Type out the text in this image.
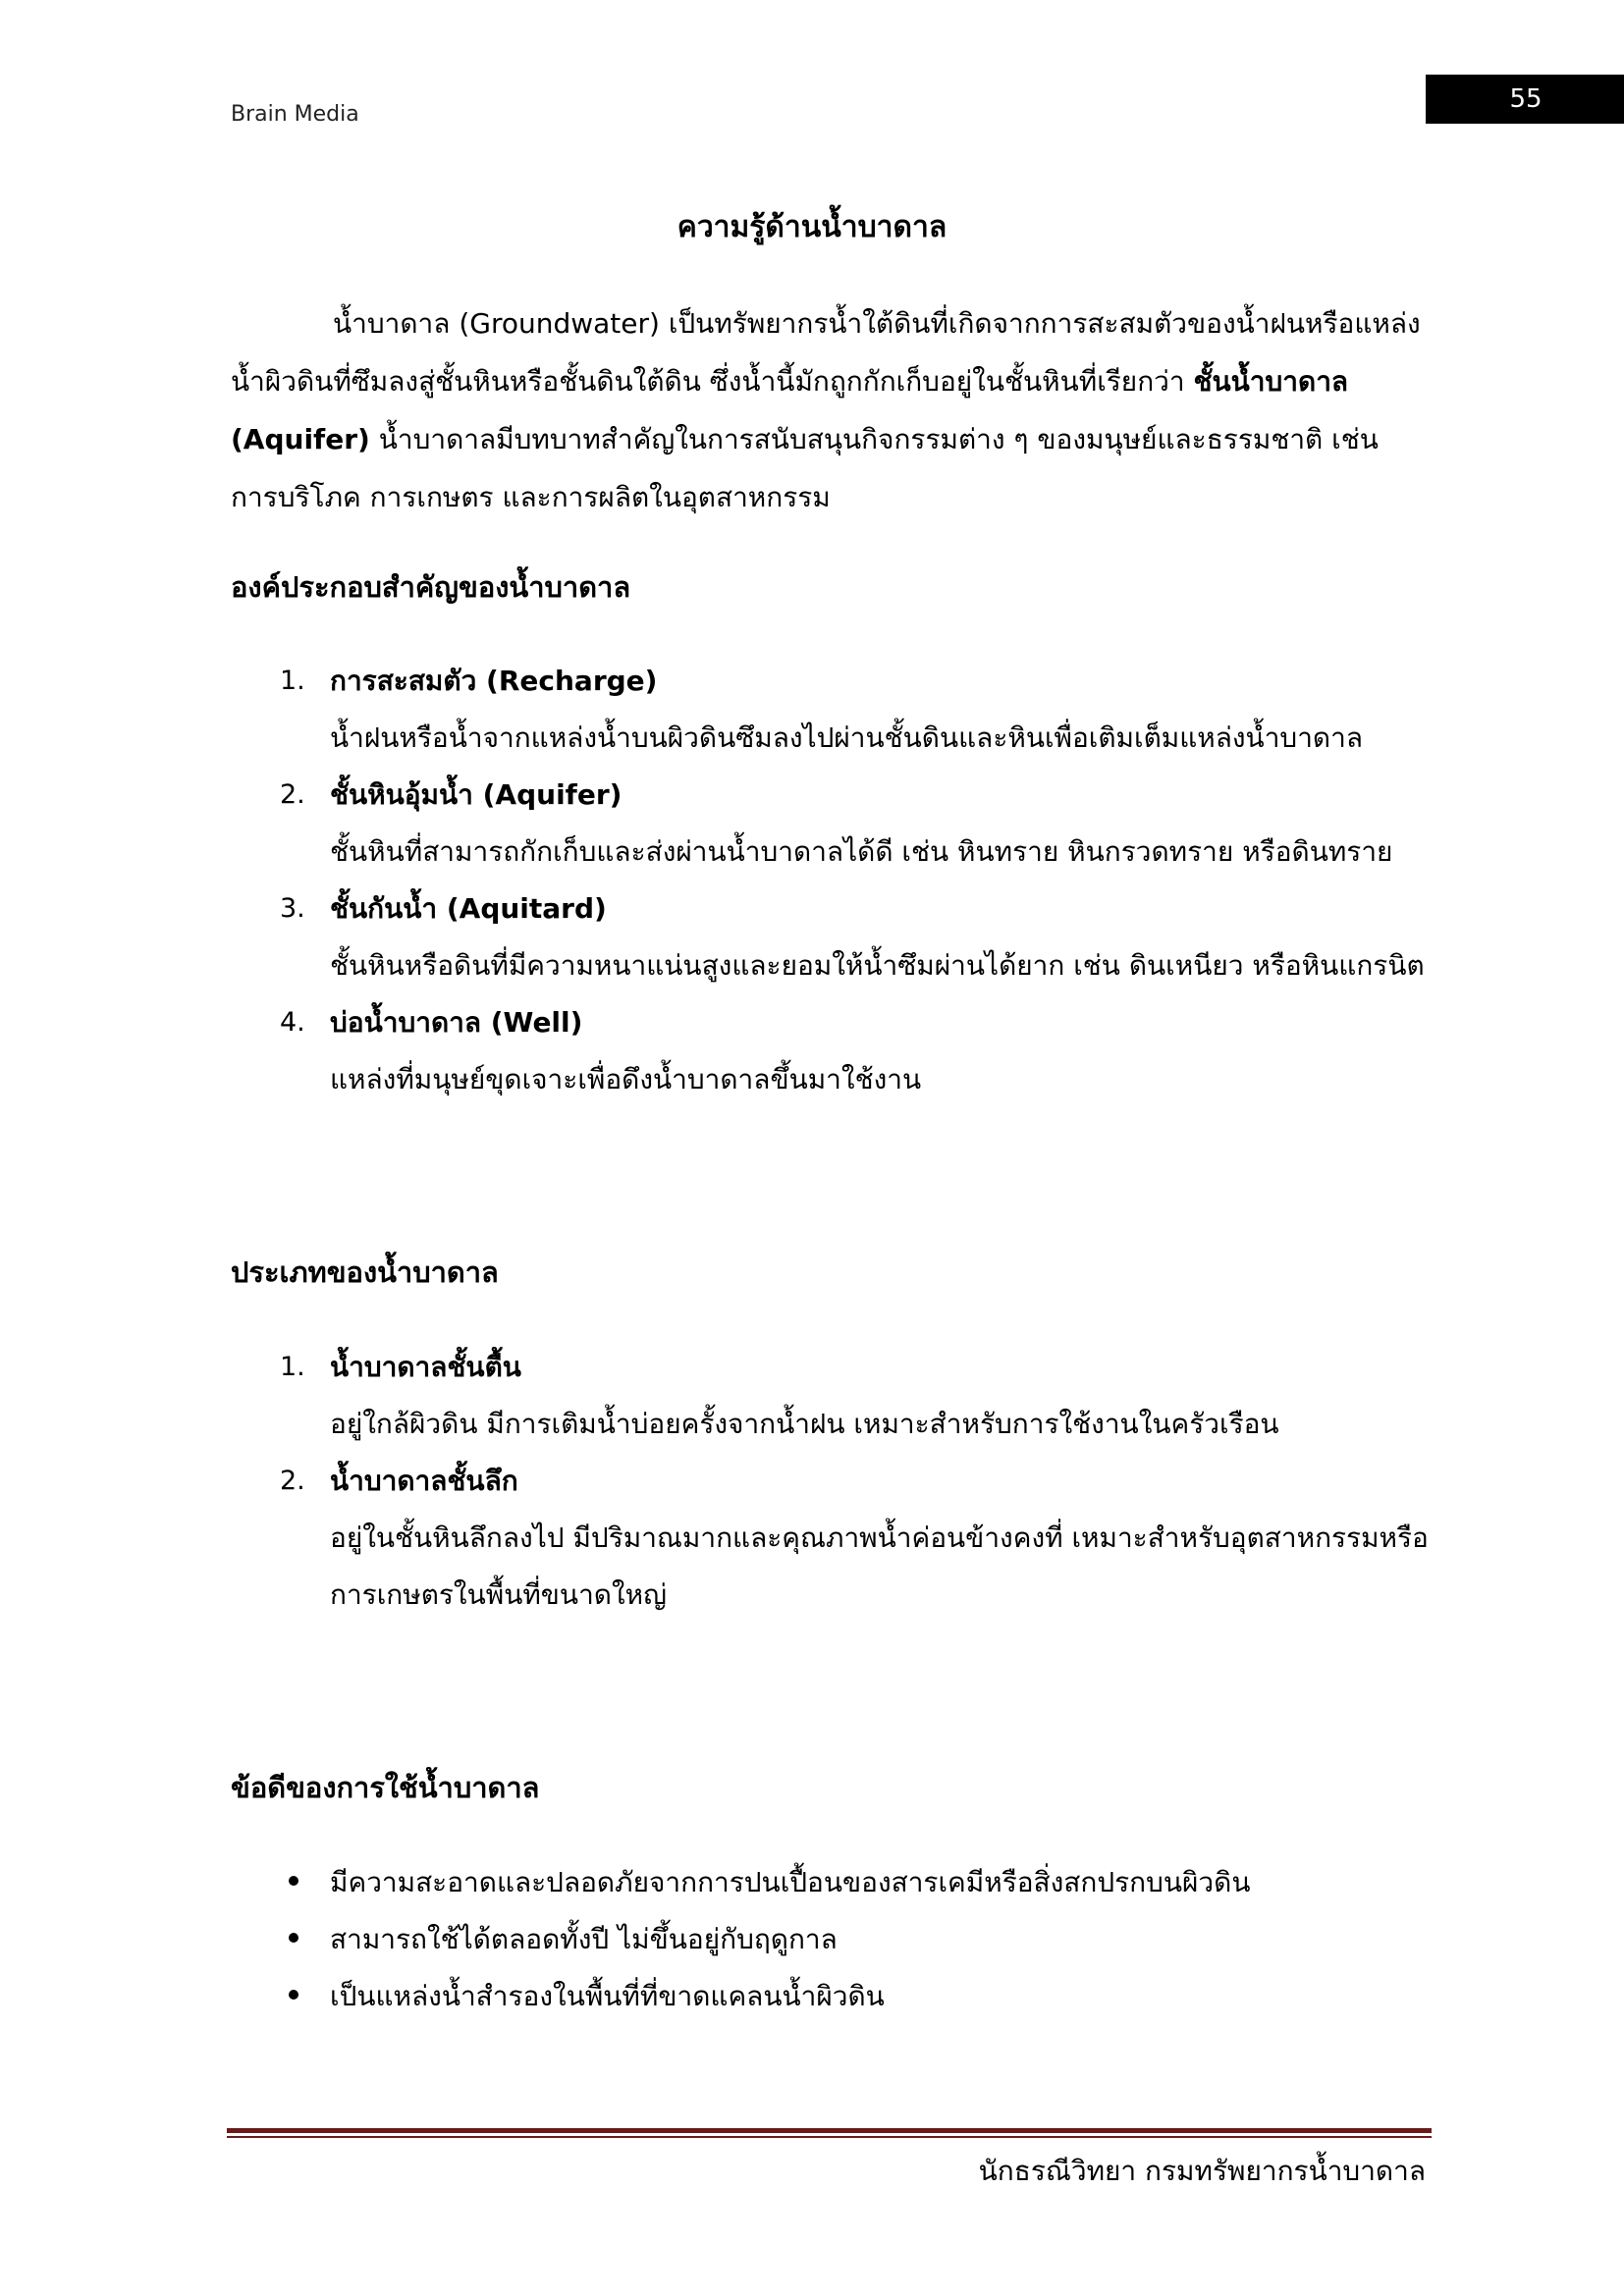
Brain Media
55
ความรู้ด้านน้ำบาดาล

น้ำบาดาล (Groundwater) เป็นทรัพยากรน้ำใต้ดินที่เกิดจากการสะสมตัวของน้ำฝนหรือแหล่งน้ำผิวดินที่ซึมลงสู่ชั้นหินหรือชั้นดินใต้ดิน ซึ่งน้ำนี้มักถูกกักเก็บอยู่ในชั้นหินที่เรียกว่า ชั้นน้ำบาดาล (Aquifer) น้ำบาดาลมีบทบาทสำคัญในการสนับสนุนกิจกรรมต่าง ๆ ของมนุษย์และธรรมชาติ เช่น การบริโภค การเกษตร และการผลิตในอุตสาหกรรม

องค์ประกอบสำคัญของน้ำบาดาล
1. การสะสมตัว (Recharge)
น้ำฝนหรือน้ำจากแหล่งน้ำบนผิวดินซึมลงไปผ่านชั้นดินและหินเพื่อเติมเต็มแหล่งน้ำบาดาล
2. ชั้นหินอุ้มน้ำ (Aquifer)
ชั้นหินที่สามารถกักเก็บและส่งผ่านน้ำบาดาลได้ดี เช่น หินทราย หินกรวดทราย หรือดินทราย
3. ชั้นกันน้ำ (Aquitard)
ชั้นหินหรือดินที่มีความหนาแน่นสูงและยอมให้น้ำซึมผ่านได้ยาก เช่น ดินเหนียว หรือหินแกรนิต
4. บ่อน้ำบาดาล (Well)
แหล่งที่มนุษย์ขุดเจาะเพื่อดึงน้ำบาดาลขึ้นมาใช้งาน
ประเภทของน้ำบาดาล
1. น้ำบาดาลชั้นตื้น
อยู่ใกล้ผิวดิน มีการเติมน้ำบ่อยครั้งจากน้ำฝน เหมาะสำหรับการใช้งานในครัวเรือน
2. น้ำบาดาลชั้นลึก
อยู่ในชั้นหินลึกลงไป มีปริมาณมากและคุณภาพน้ำค่อนข้างคงที่ เหมาะสำหรับอุตสาหกรรมหรือการเกษตรในพื้นที่ขนาดใหญ่
ข้อดีของการใช้น้ำบาดาล
มีความสะอาดและปลอดภัยจากการปนเปื้อนของสารเคมีหรือสิ่งสกปรกบนผิวดิน
สามารถใช้ได้ตลอดทั้งปี ไม่ขึ้นอยู่กับฤดูกาล
เป็นแหล่งน้ำสำรองในพื้นที่ที่ขาดแคลนน้ำผิวดิน
นักธรณีวิทยา กรมทรัพยากรน้ำบาดาล
